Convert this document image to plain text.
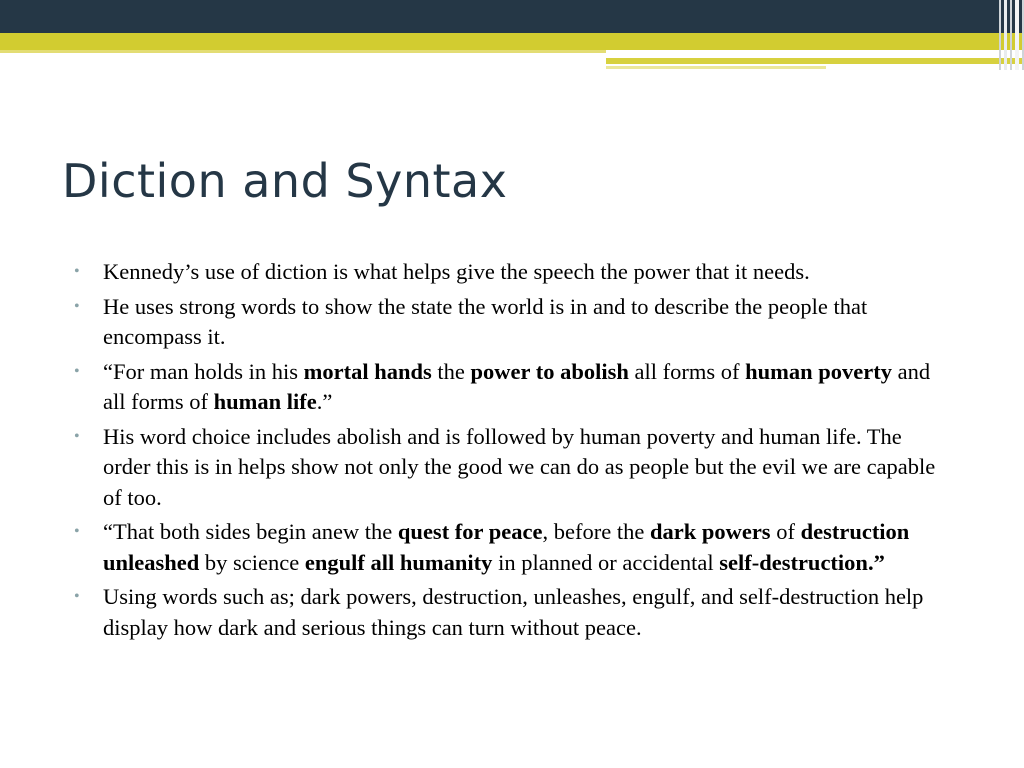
Diction and Syntax
• Kennedy’s use of diction is what helps give the speech the power that it needs.
• He uses strong words to show the state the world is in and to describe the people that encompass it.
• “For man holds in his mortal hands the power to abolish all forms of human poverty and all forms of human life.”
• His word choice includes abolish and is followed by human poverty and human life. The order this is in helps show not only the good we can do as people but the evil we are capable of too.
• “That both sides begin anew the quest for peace, before the dark powers of destruction unleashed by science engulf all humanity in planned or accidental self-destruction.”
• Using words such as; dark powers, destruction, unleashes, engulf, and self-destruction help display how dark and serious things can turn without peace.
